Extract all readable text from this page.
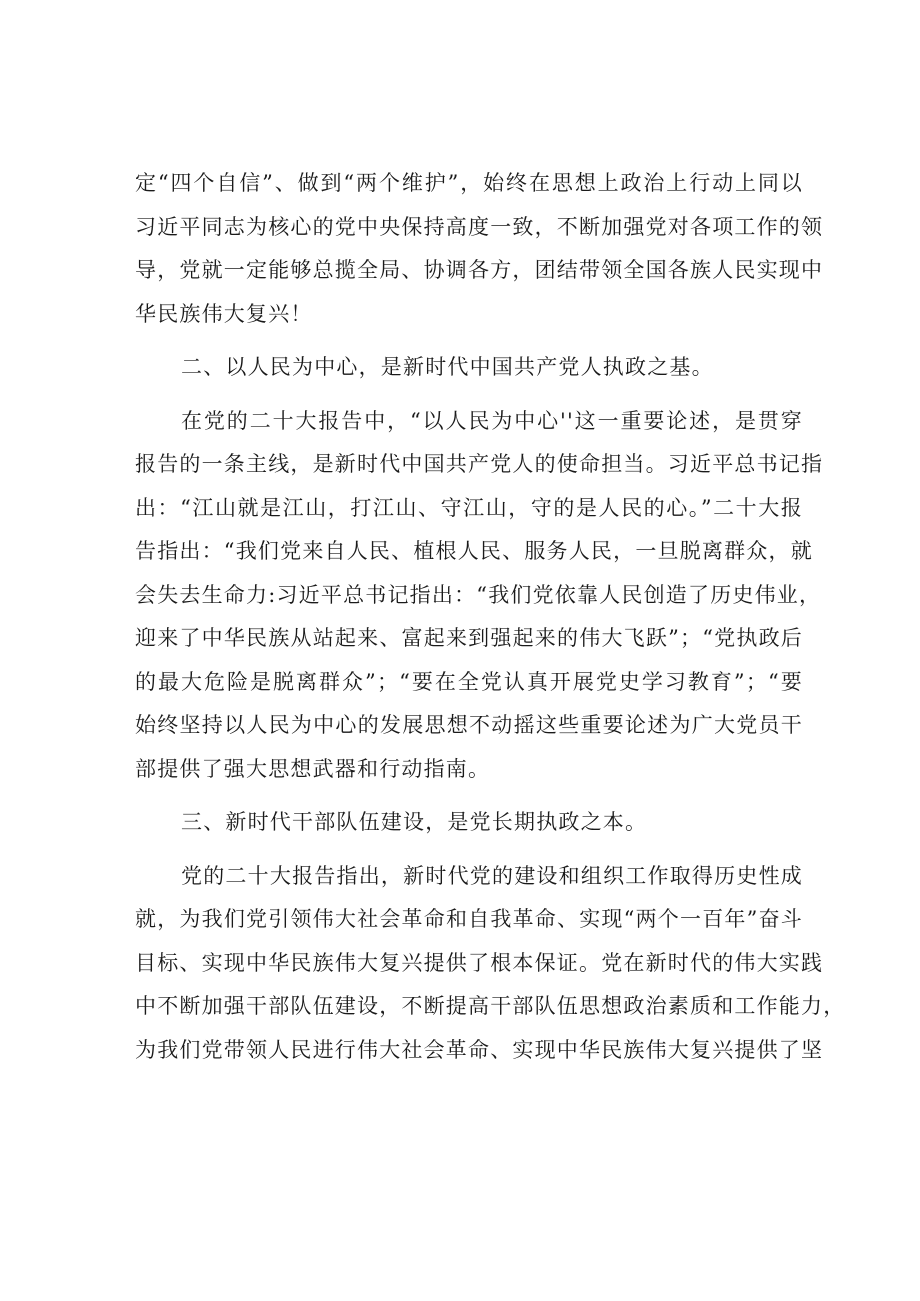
定“四个自信”、做到“两个维护”，始终在思想上政治上行动上同以
习近平同志为核心的党中央保持高度一致，不断加强党对各项工作的领
导，党就一定能够总揽全局、协调各方，团结带领全国各族人民实现中
华民族伟大复兴！
二、以人民为中心，是新时代中国共产党人执政之基。
在党的二十大报告中，“以人民为中心''这一重要论述，是贯穿
报告的一条主线，是新时代中国共产党人的使命担当。习近平总书记指
出：“江山就是江山，打江山、守江山，守的是人民的心。”二十大报
告指出：“我们党来自人民、植根人民、服务人民，一旦脱离群众，就
会失去生命力:习近平总书记指出：“我们党依靠人民创造了历史伟业，
迎来了中华民族从站起来、富起来到强起来的伟大飞跃”；“党执政后
的最大危险是脱离群众”；“要在全党认真开展党史学习教育”；“要
始终坚持以人民为中心的发展思想不动摇这些重要论述为广大党员干
部提供了强大思想武器和行动指南。
三、新时代干部队伍建设，是党长期执政之本。
党的二十大报告指出，新时代党的建设和组织工作取得历史性成
就，为我们党引领伟大社会革命和自我革命、实现“两个一百年”奋斗
目标、实现中华民族伟大复兴提供了根本保证。党在新时代的伟大实践
中不断加强干部队伍建设，不断提高干部队伍思想政治素质和工作能力，
为我们党带领人民进行伟大社会革命、实现中华民族伟大复兴提供了坚
